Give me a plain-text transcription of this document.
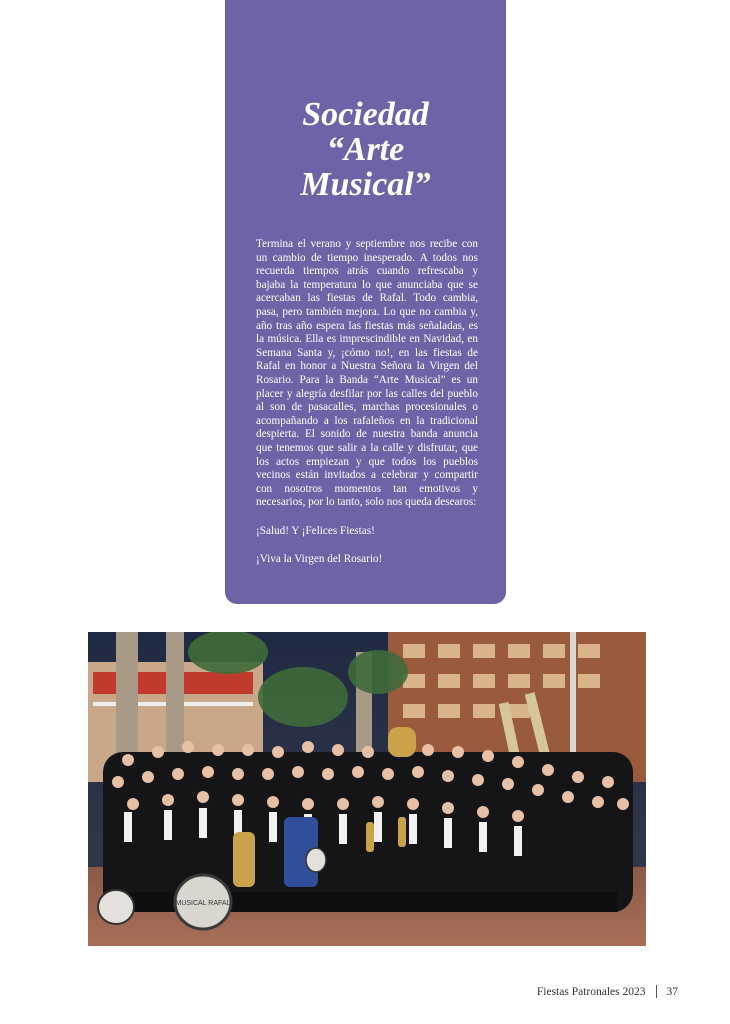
Sociedad
“Arte
Musical”

Termina el verano y septiembre nos recibe con un cambio de tiempo inesperado. A todos nos recuerda tiempos atrás cuando refrescaba y bajaba la temperatura lo que anunciaba que se acercaban las fiestas de Rafal. Todo cambia, pasa, pero también mejora. Lo que no cambia y, año tras año espera las fiestas más señaladas, es la música. Ella es imprescindible en Navidad, en Semana Santa y, ¡cómo no!, en las fiestas de Rafal en honor a Nuestra Señora la Virgen del Rosario. Para la Banda “Arte Musical” es un placer y alegría desfilar por las calles del pueblo al son de pasacalles, marchas procesionales o acompañando a los rafaleños en la tradicional despierta. El sonido de nuestra banda anuncia que tenemos que salir a la calle y disfrutar, que los actos empiezan y que todos los pueblos vecinos están invitados a celebrar y compartir con nosotros momentos tan emotivos y necesarios, por lo tanto, solo nos queda desearos:

¡Salud! Y ¡Felices Fiestas!

¡Viva la Virgen del Rosario!

MUSICAL RAFAL
Fiestas Patronales 2023 37
